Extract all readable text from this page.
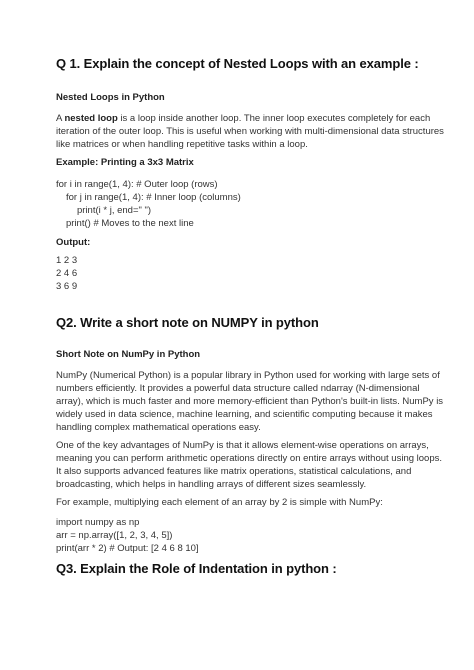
Q 1. Explain the concept of Nested Loops with an example :
Nested Loops in Python
A nested loop is a loop inside another loop. The inner loop executes completely for each
iteration of the outer loop. This is useful when working with multi-dimensional data structures
like matrices or when handling repetitive tasks within a loop.
Example: Printing a 3x3 Matrix
for i in range(1, 4): # Outer loop (rows)
for j in range(1, 4): # Inner loop (columns)
print(i * j, end=" ")
print() # Moves to the next line
Output:
1 2 3
2 4 6
3 6 9
Q2. Write a short note on NUMPY in python
Short Note on NumPy in Python
NumPy (Numerical Python) is a popular library in Python used for working with large sets of
numbers efficiently. It provides a powerful data structure called ndarray (N-dimensional
array), which is much faster and more memory-efficient than Python's built-in lists. NumPy is
widely used in data science, machine learning, and scientific computing because it makes
handling complex mathematical operations easy.
One of the key advantages of NumPy is that it allows element-wise operations on arrays,
meaning you can perform arithmetic operations directly on entire arrays without using loops.
It also supports advanced features like matrix operations, statistical calculations, and
broadcasting, which helps in handling arrays of different sizes seamlessly.
For example, multiplying each element of an array by 2 is simple with NumPy:
import numpy as np
arr = np.array([1, 2, 3, 4, 5])
print(arr * 2) # Output: [2 4 6 8 10]
Q3. Explain the Role of Indentation in python :
